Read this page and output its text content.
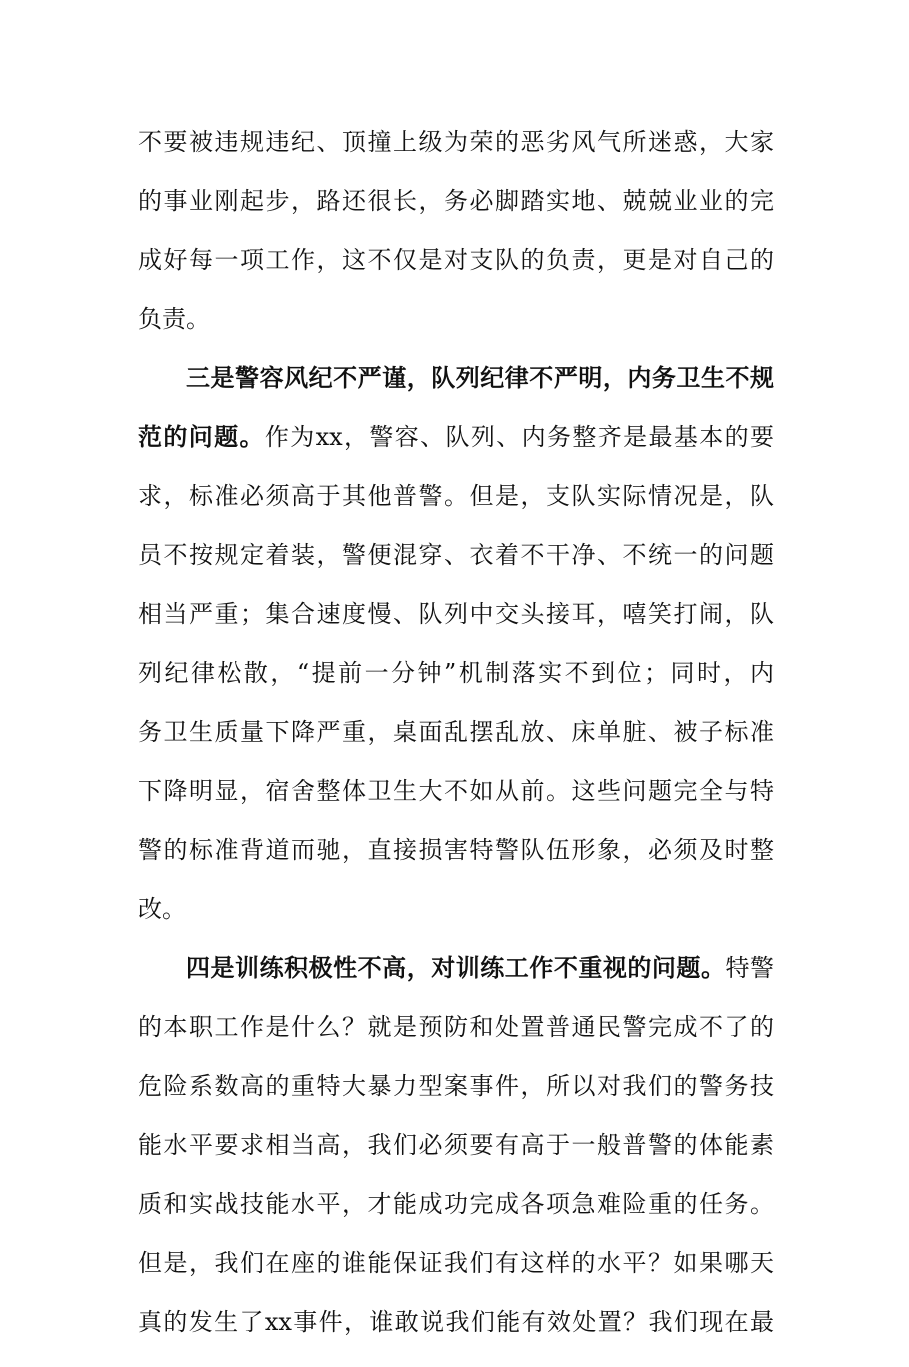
不要被违规违纪、顶撞上级为荣的恶劣风气所迷惑，大家
的事业刚起步，路还很长，务必脚踏实地、兢兢业业的完
成好每一项工作，这不仅是对支队的负责，更是对自己的
负责。
三是警容风纪不严谨，队列纪律不严明，内务卫生不规
范的问题。作为xx，警容、队列、内务整齐是最基本的要
求，标准必须高于其他普警。但是，支队实际情况是，队
员不按规定着装，警便混穿、衣着不干净、不统一的问题
相当严重；集合速度慢、队列中交头接耳，嘻笑打闹，队
列纪律松散，“提前一分钟”机制落实不到位；同时，内
务卫生质量下降严重，桌面乱摆乱放、床单脏、被子标准
下降明显，宿舍整体卫生大不如从前。这些问题完全与特
警的标准背道而驰，直接损害特警队伍形象，必须及时整
改。
四是训练积极性不高，对训练工作不重视的问题。特警
的本职工作是什么？就是预防和处置普通民警完成不了的
危险系数高的重特大暴力型案事件，所以对我们的警务技
能水平要求相当高，我们必须要有高于一般普警的体能素
质和实战技能水平，才能成功完成各项急难险重的任务。
但是，我们在座的谁能保证我们有这样的水平？如果哪天
真的发生了xx事件，谁敢说我们能有效处置？我们现在最
